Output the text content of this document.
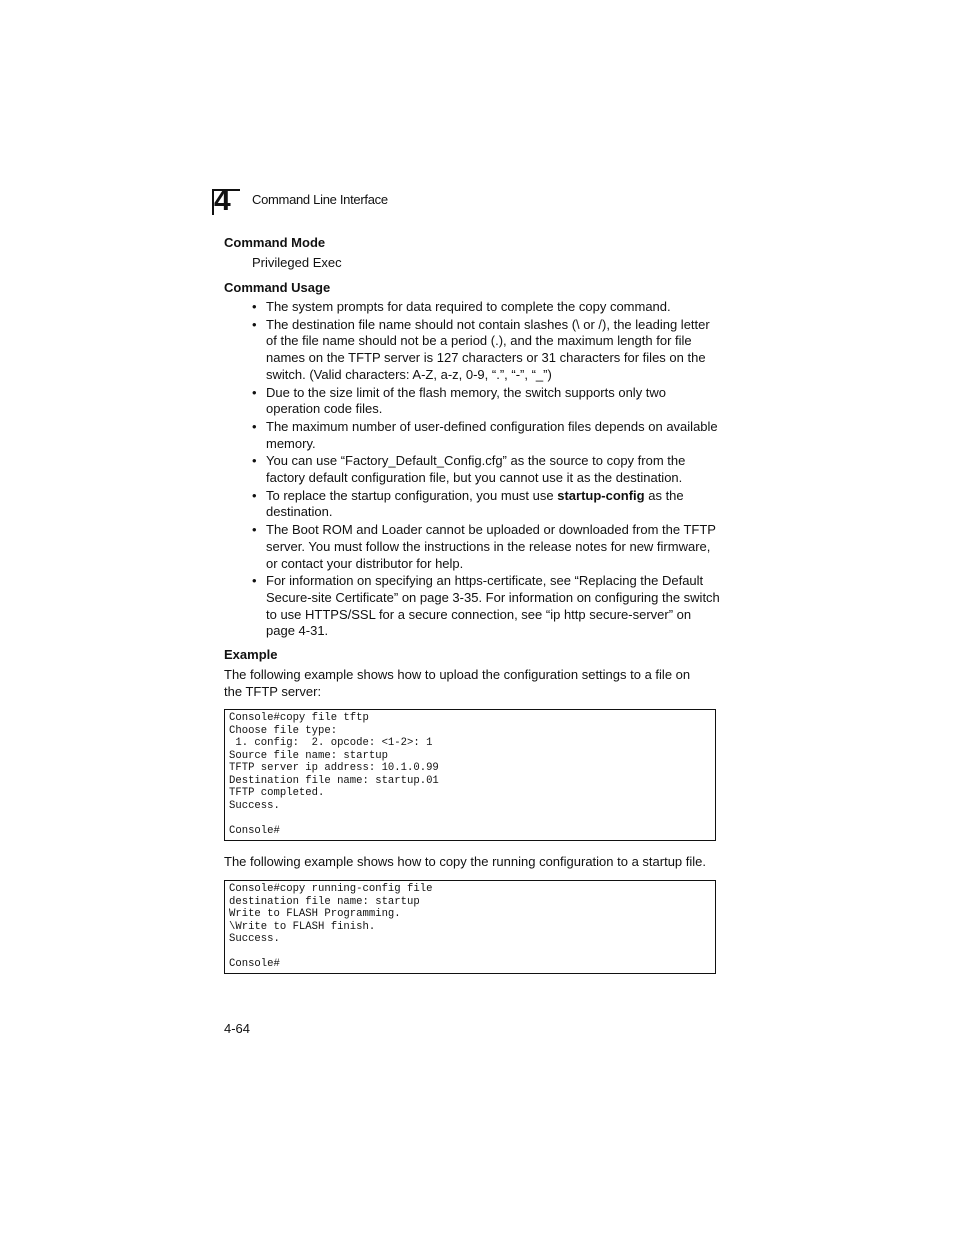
4 Command Line Interface
Command Mode
Privileged Exec
Command Usage
• The system prompts for data required to complete the copy command.
• The destination file name should not contain slashes (\ or /), the leading letter of the file name should not be a period (.), and the maximum length for file names on the TFTP server is 127 characters or 31 characters for files on the switch. (Valid characters: A-Z, a-z, 0-9, “.”, “-”, “_”)
• Due to the size limit of the flash memory, the switch supports only two operation code files.
• The maximum number of user-defined configuration files depends on available memory.
• You can use “Factory_Default_Config.cfg” as the source to copy from the factory default configuration file, but you cannot use it as the destination.
• To replace the startup configuration, you must use startup-config as the destination.
• The Boot ROM and Loader cannot be uploaded or downloaded from the TFTP server. You must follow the instructions in the release notes for new firmware, or contact your distributor for help.
• For information on specifying an https-certificate, see “Replacing the Default Secure-site Certificate” on page 3-35. For information on configuring the switch to use HTTPS/SSL for a secure connection, see “ip http secure-server” on page 4-31.
Example
The following example shows how to upload the configuration settings to a file on the TFTP server:
Console#copy file tftp
Choose file type:
1. config:  2. opcode: <1-2>: 1
Source file name: startup
TFTP server ip address: 10.1.0.99
Destination file name: startup.01
TFTP completed.
Success.

Console#
The following example shows how to copy the running configuration to a startup file.
Console#copy running-config file
destination file name: startup
Write to FLASH Programming.
\Write to FLASH finish.
Success.

Console#
4-64
